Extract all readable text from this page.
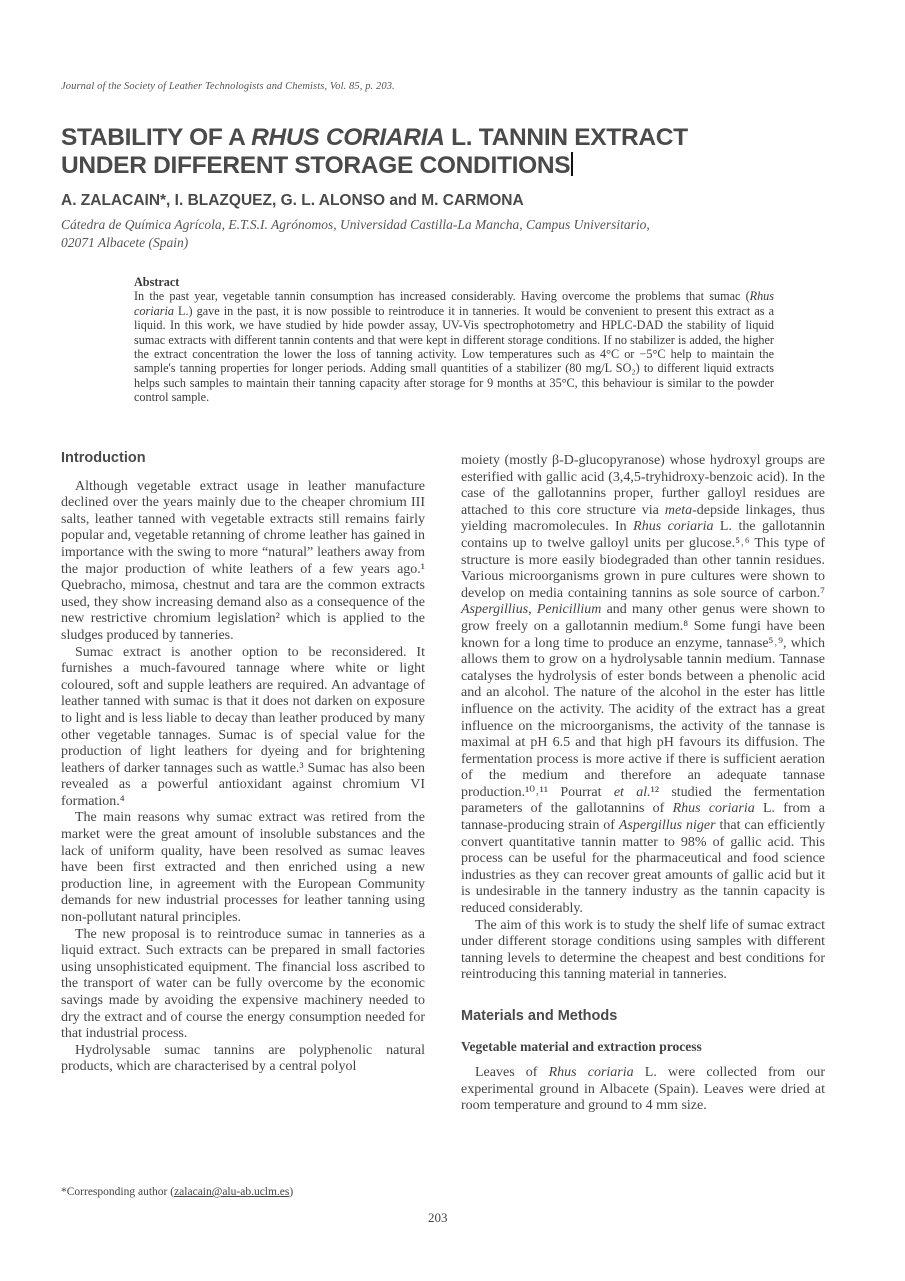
Journal of the Society of Leather Technologists and Chemists, Vol. 85, p. 203.
STABILITY OF A RHUS CORIARIA L. TANNIN EXTRACT
UNDER DIFFERENT STORAGE CONDITIONS
A. ZALACAIN*, I. BLAZQUEZ, G. L. ALONSO and M. CARMONA
Cátedra de Química Agrícola, E.T.S.I. Agrónomos, Universidad Castilla-La Mancha, Campus Universitario,
02071 Albacete (Spain)
Abstract
In the past year, vegetable tannin consumption has increased considerably. Having overcome the problems that sumac (Rhus coriaria L.) gave in the past, it is now possible to reintroduce it in tanneries. It would be convenient to present this extract as a liquid. In this work, we have studied by hide powder assay, UV-Vis spectrophotometry and HPLC-DAD the stability of liquid sumac extracts with different tannin contents and that were kept in different storage conditions. If no stabilizer is added, the higher the extract concentration the lower the loss of tanning activity. Low temperatures such as 4°C or −5°C help to maintain the sample's tanning properties for longer periods. Adding small quantities of a stabilizer (80 mg/L SO₂) to different liquid extracts helps such samples to maintain their tanning capacity after storage for 9 months at 35°C, this behaviour is similar to the powder control sample.
Introduction

Although vegetable extract usage in leather manufacture declined over the years mainly due to the cheaper chromium III salts, leather tanned with vegetable extracts still remains fairly popular and, vegetable retanning of chrome leather has gained in importance with the swing to more “natural” leathers away from the major production of white leathers of a few years ago.¹ Quebracho, mimosa, chestnut and tara are the common extracts used, they show increasing demand also as a consequence of the new restrictive chromium legislation² which is applied to the sludges produced by tanneries.

Sumac extract is another option to be reconsidered. It furnishes a much-favoured tannage where white or light coloured, soft and supple leathers are required. An advantage of leather tanned with sumac is that it does not darken on exposure to light and is less liable to decay than leather produced by many other vegetable tannages. Sumac is of special value for the production of light leathers for dyeing and for brightening leathers of darker tannages such as wattle.³ Sumac has also been revealed as a powerful antioxidant against chromium VI formation.⁴

The main reasons why sumac extract was retired from the market were the great amount of insoluble substances and the lack of uniform quality, have been resolved as sumac leaves have been first extracted and then enriched using a new production line, in agreement with the European Community demands for new industrial processes for leather tanning using non-pollutant natural principles.

The new proposal is to reintroduce sumac in tanneries as a liquid extract. Such extracts can be prepared in small factories using unsophisticated equipment. The financial loss ascribed to the transport of water can be fully overcome by the economic savings made by avoiding the expensive machinery needed to dry the extract and of course the energy consumption needed for that industrial process.

Hydrolysable sumac tannins are polyphenolic natural products, which are characterised by a central polyol

moiety (mostly β-D-glucopyranose) whose hydroxyl groups are esterified with gallic acid (3,4,5-tryhidroxy-benzoic acid). In the case of the gallotannins proper, further galloyl residues are attached to this core structure via meta-depside linkages, thus yielding macromolecules. In Rhus coriaria L. the gallotannin contains up to twelve galloyl units per glucose.⁵˒⁶ This type of structure is more easily biodegraded than other tannin residues. Various microorganisms grown in pure cultures were shown to develop on media containing tannins as sole source of carbon.⁷ Aspergillius, Penicillium and many other genus were shown to grow freely on a gallotannin medium.⁸ Some fungi have been known for a long time to produce an enzyme, tannase⁵˒⁹, which allows them to grow on a hydrolysable tannin medium. Tannase catalyses the hydrolysis of ester bonds between a phenolic acid and an alcohol. The nature of the alcohol in the ester has little influence on the activity. The acidity of the extract has a great influence on the microorganisms, the activity of the tannase is maximal at pH 6.5 and that high pH favours its diffusion. The fermentation process is more active if there is sufficient aeration of the medium and therefore an adequate tannase production.¹⁰˒¹¹ Pourrat et al.¹² studied the fermentation parameters of the gallotannins of Rhus coriaria L. from a tannase-producing strain of Aspergillus niger that can efficiently convert quantitative tannin matter to 98% of gallic acid. This process can be useful for the pharmaceutical and food science industries as they can recover great amounts of gallic acid but it is undesirable in the tannery industry as the tannin capacity is reduced considerably.

The aim of this work is to study the shelf life of sumac extract under different storage conditions using samples with different tanning levels to determine the cheapest and best conditions for reintroducing this tanning material in tanneries.

Materials and Methods
Vegetable material and extraction process

Leaves of Rhus coriaria L. were collected from our experimental ground in Albacete (Spain). Leaves were dried at room temperature and ground to 4 mm size.

*Corresponding author (zalacain@alu-ab.uclm.es)
203
